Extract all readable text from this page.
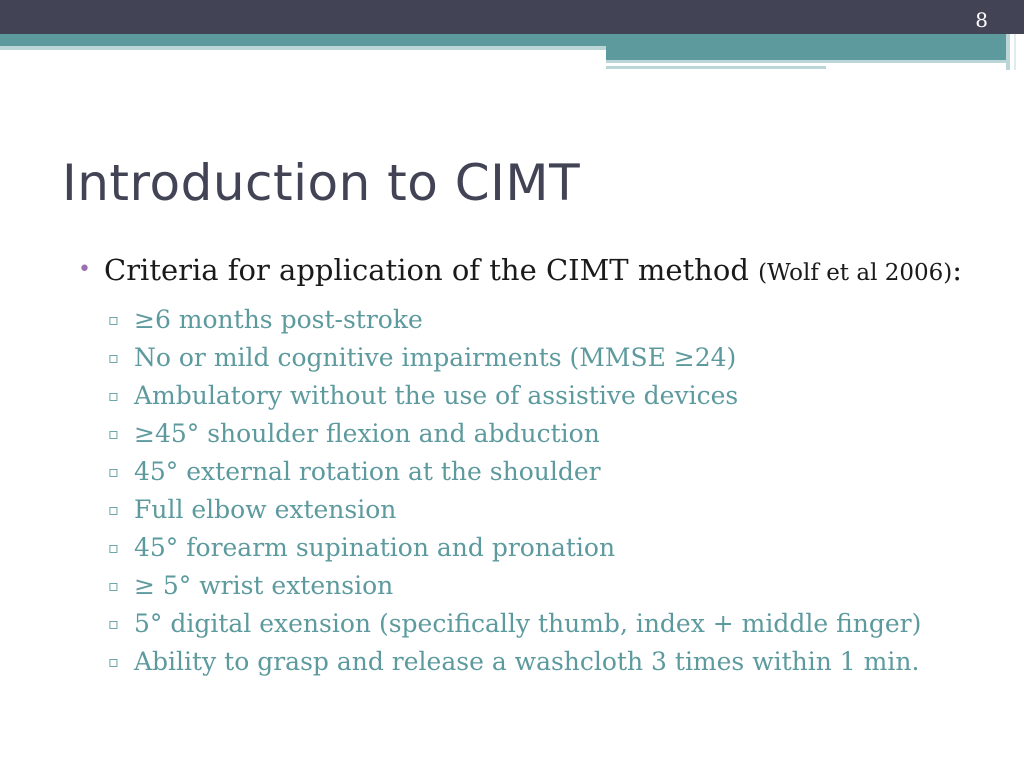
8
Introduction to CIMT
• Criteria for application of the CIMT method (Wolf et al 2006):
▫ ≥6 months post-stroke
▫ No or mild cognitive impairments (MMSE ≥24)
▫ Ambulatory without the use of assistive devices
▫ ≥45° shoulder flexion and abduction
▫ 45° external rotation at the shoulder
▫ Full elbow extension
▫ 45° forearm supination and pronation
▫ ≥ 5° wrist extension
▫ 5° digital exension (specifically thumb, index + middle finger)
▫ Ability to grasp and release a washcloth 3 times within 1 min.
